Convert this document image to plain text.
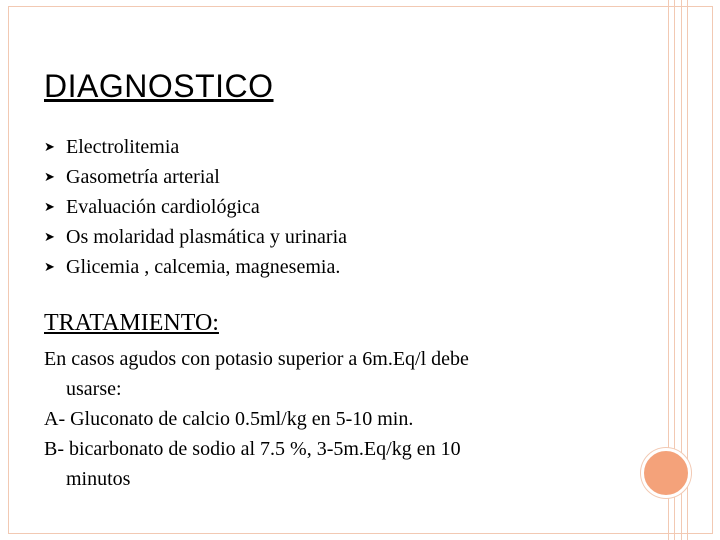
DIAGNOSTICO
➤ Electrolitemia
➤ Gasometría arterial
➤ Evaluación cardiológica
➤ Os molaridad plasmática y urinaria
➤ Glicemia , calcemia, magnesemia.
TRATAMIENTO:

En casos agudos con potasio superior a 6m.Eq/l debe
usarse:

A- Gluconato de calcio 0.5ml/kg en 5-10 min.

B- bicarbonato de sodio al 7.5 %, 3-5m.Eq/kg en 10
minutos
